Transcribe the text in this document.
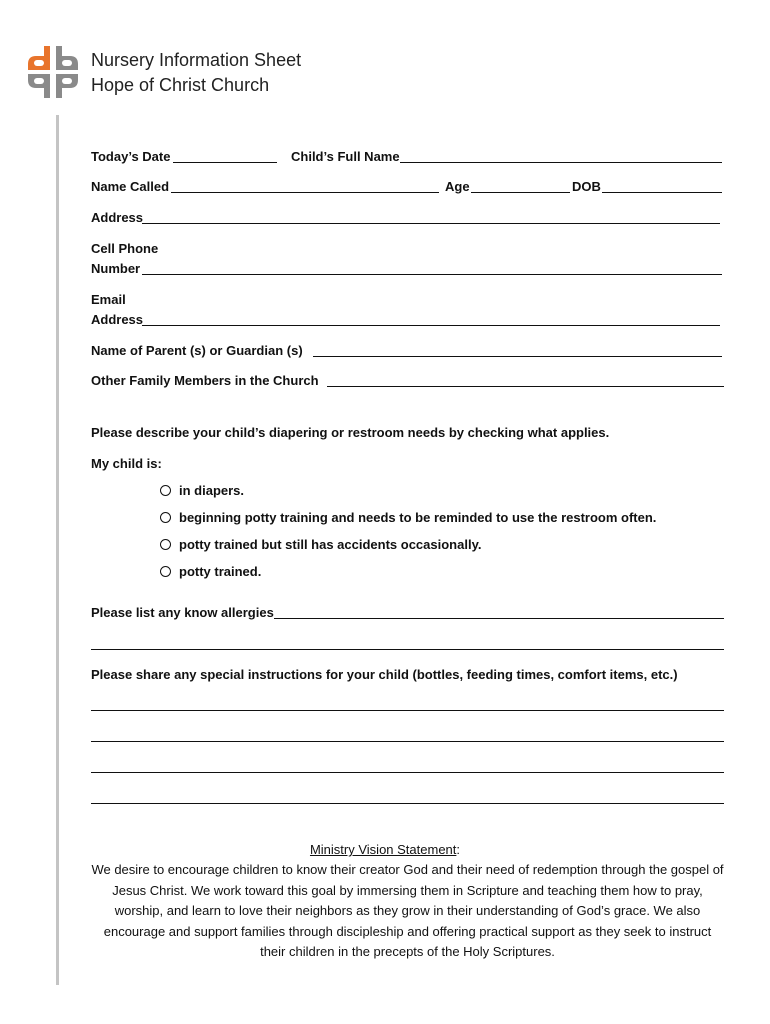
Nursery Information Sheet
Hope of Christ Church
Today’s Date	Child’s Full Name
Name Called	Age	DOB
Address
Cell Phone
Number
Email
Address
Name of Parent (s) or Guardian (s)
Other Family Members in the Church
Please describe your child’s diapering or restroom needs by checking what applies.
My child is:
in diapers.
beginning potty training and needs to be reminded to use the restroom often.
potty trained but still has accidents occasionally.
potty trained.
Please list any know allergies
Please share any special instructions for your child (bottles, feeding times, comfort items, etc.)
Ministry Vision Statement:
We desire to encourage children to know their creator God and their need of redemption through the gospel of Jesus Christ. We work toward this goal by immersing them in Scripture and teaching them how to pray, worship, and learn to love their neighbors as they grow in their understanding of God’s grace. We also encourage and support families through discipleship and offering practical support as they seek to instruct their children in the precepts of the Holy Scriptures.
